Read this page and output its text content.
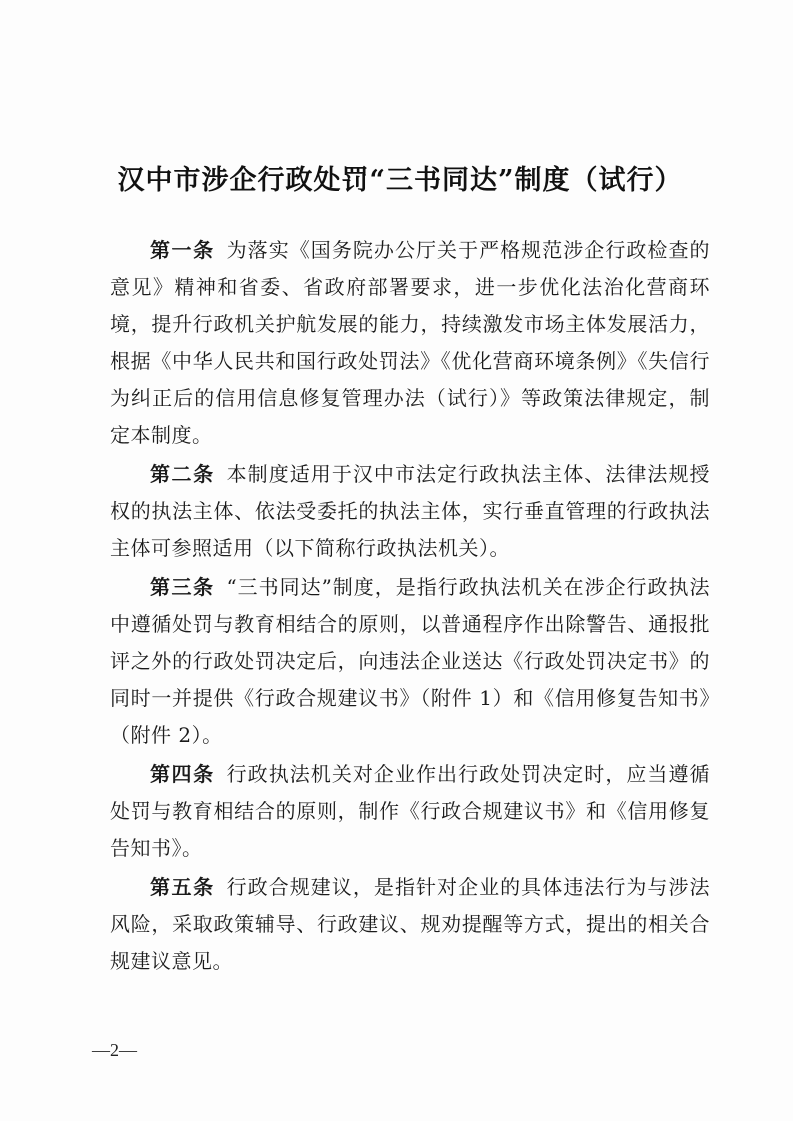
汉中市涉企行政处罚“三书同达”制度（试行）

第一条 为落实《国务院办公厅关于严格规范涉企行政检查的意见》精神和省委、省政府部署要求，进一步优化法治化营商环境，提升行政机关护航发展的能力，持续激发市场主体发展活力，根据《中华人民共和国行政处罚法》《优化营商环境条例》《失信行为纠正后的信用信息修复管理办法（试行）》等政策法律规定，制定本制度。

第二条 本制度适用于汉中市法定行政执法主体、法律法规授权的执法主体、依法受委托的执法主体，实行垂直管理的行政执法主体可参照适用（以下简称行政执法机关）。

第三条 “三书同达”制度，是指行政执法机关在涉企行政执法中遵循处罚与教育相结合的原则，以普通程序作出除警告、通报批评之外的行政处罚决定后，向违法企业送达《行政处罚决定书》的同时一并提供《行政合规建议书》（附件 1）和《信用修复告知书》（附件 2）。

第四条 行政执法机关对企业作出行政处罚决定时，应当遵循处罚与教育相结合的原则，制作《行政合规建议书》和《信用修复告知书》。

第五条 行政合规建议，是指针对企业的具体违法行为与涉法风险，采取政策辅导、行政建议、规劝提醒等方式，提出的相关合规建议意见。

—2—
